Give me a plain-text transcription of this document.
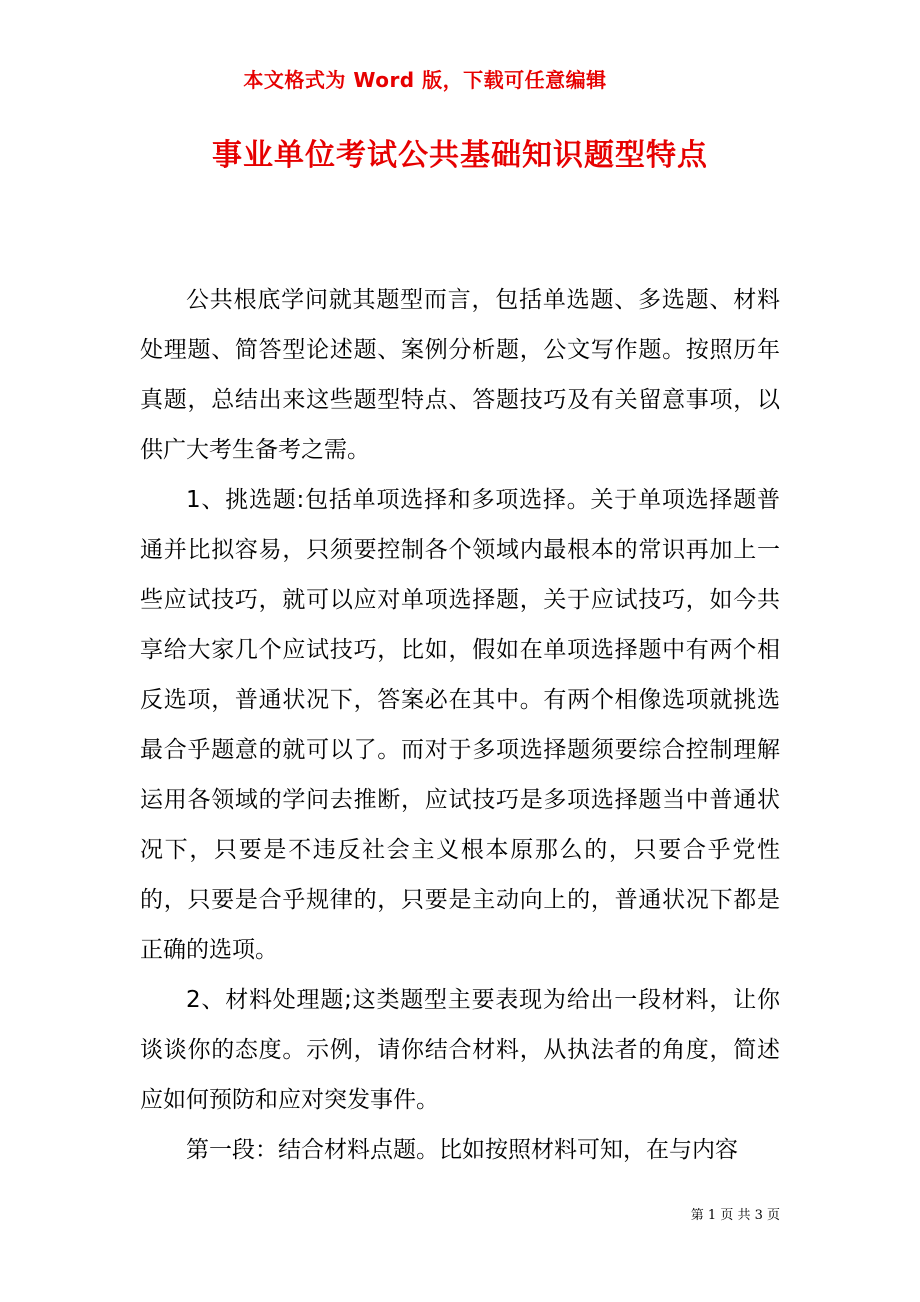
本文格式为 Word 版，下载可任意编辑
事业单位考试公共基础知识题型特点

公共根底学问就其题型而言，包括单选题、多选题、材料处理题、简答型论述题、案例分析题，公文写作题。按照历年真题，总结出来这些题型特点、答题技巧及有关留意事项，以供广大考生备考之需。

1、挑选题:包括单项选择和多项选择。关于单项选择题普通并比拟容易，只须要控制各个领域内最根本的常识再加上一些应试技巧，就可以应对单项选择题，关于应试技巧，如今共享给大家几个应试技巧，比如，假如在单项选择题中有两个相反选项，普通状况下，答案必在其中。有两个相像选项就挑选最合乎题意的就可以了。而对于多项选择题须要综合控制理解运用各领域的学问去推断，应试技巧是多项选择题当中普通状况下，只要是不违反社会主义根本原那么的，只要合乎党性的，只要是合乎规律的，只要是主动向上的，普通状况下都是正确的选项。

2、材料处理题;这类题型主要表现为给出一段材料，让你谈谈你的态度。示例，请你结合材料，从执法者的角度，简述应如何预防和应对突发事件。

第一段：结合材料点题。比如按照材料可知，在与内容

第 1 页 共 3 页
